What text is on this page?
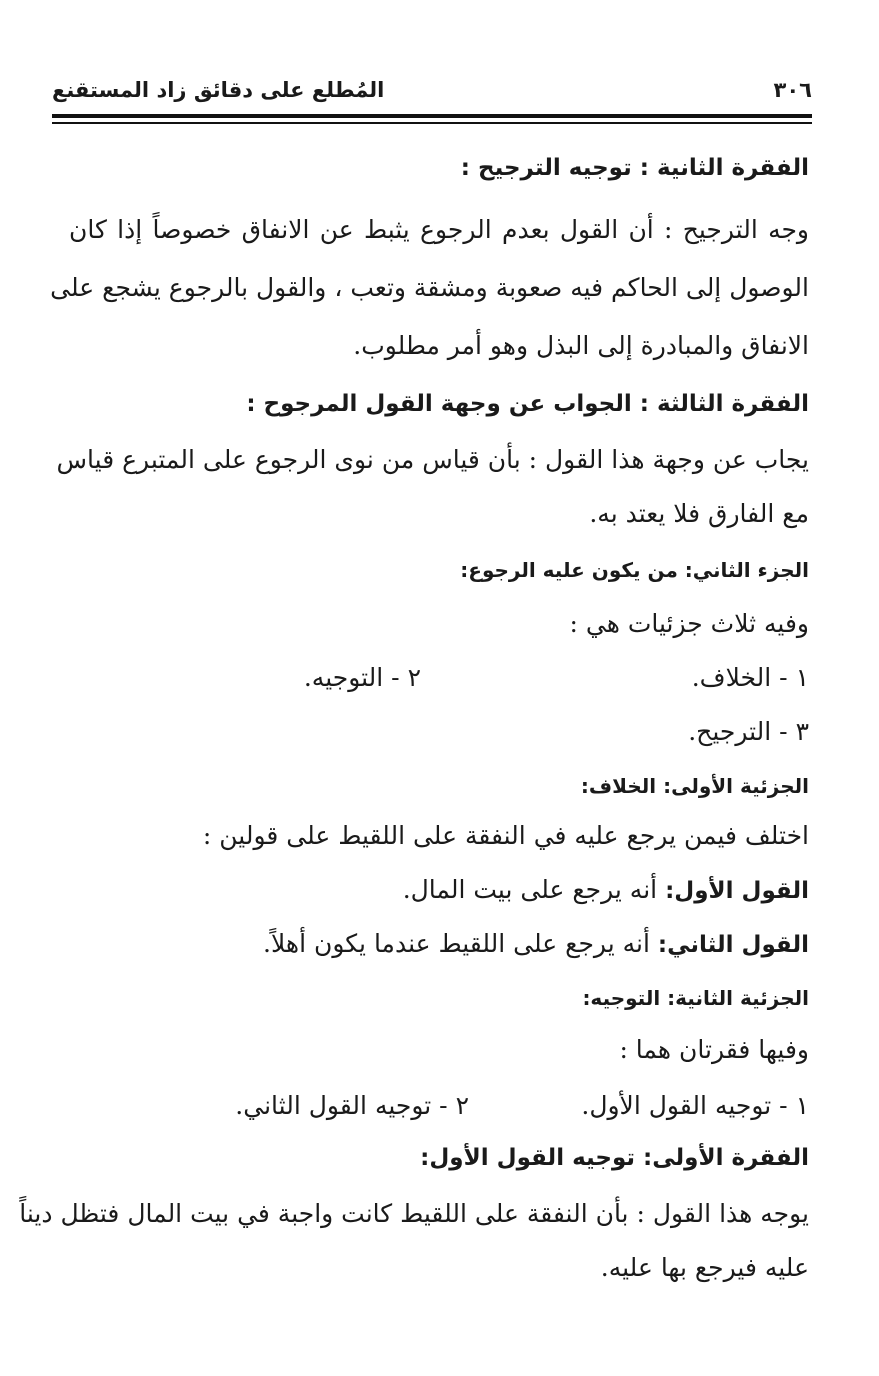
٣٠٦
المُطلع على دقائق زاد المستقنع
الفقرة الثانية : توجيه الترجيح :
وجه الترجيح : أن القول بعدم الرجوع يثبط عن الانفاق خصوصاً إذا كان
الوصول إلى الحاكم فيه صعوبة ومشقة وتعب ، والقول بالرجوع يشجع على
الانفاق والمبادرة إلى البذل وهو أمر مطلوب.
الفقرة الثالثة : الجواب عن وجهة القول المرجوح :
يجاب عن وجهة هذا القول : بأن قياس من نوى الرجوع على المتبرع قياس
مع الفارق فلا يعتد به.
الجزء الثاني: من يكون عليه الرجوع:
وفيه ثلاث جزئيات هي :
١ - الخلاف.
٢ - التوجيه.
٣ - الترجيح.
الجزئية الأولى: الخلاف:
اختلف فيمن يرجع عليه في النفقة على اللقيط على قولين :
القول الأول: أنه يرجع على بيت المال.
القول الثاني: أنه يرجع على اللقيط عندما يكون أهلاً.
الجزئية الثانية: التوجيه:
وفيها فقرتان هما :
١ - توجيه القول الأول.
٢ - توجيه القول الثاني.
الفقرة الأولى: توجيه القول الأول:
يوجه هذا القول : بأن النفقة على اللقيط كانت واجبة في بيت المال فتظل ديناً
عليه فيرجع بها عليه.
